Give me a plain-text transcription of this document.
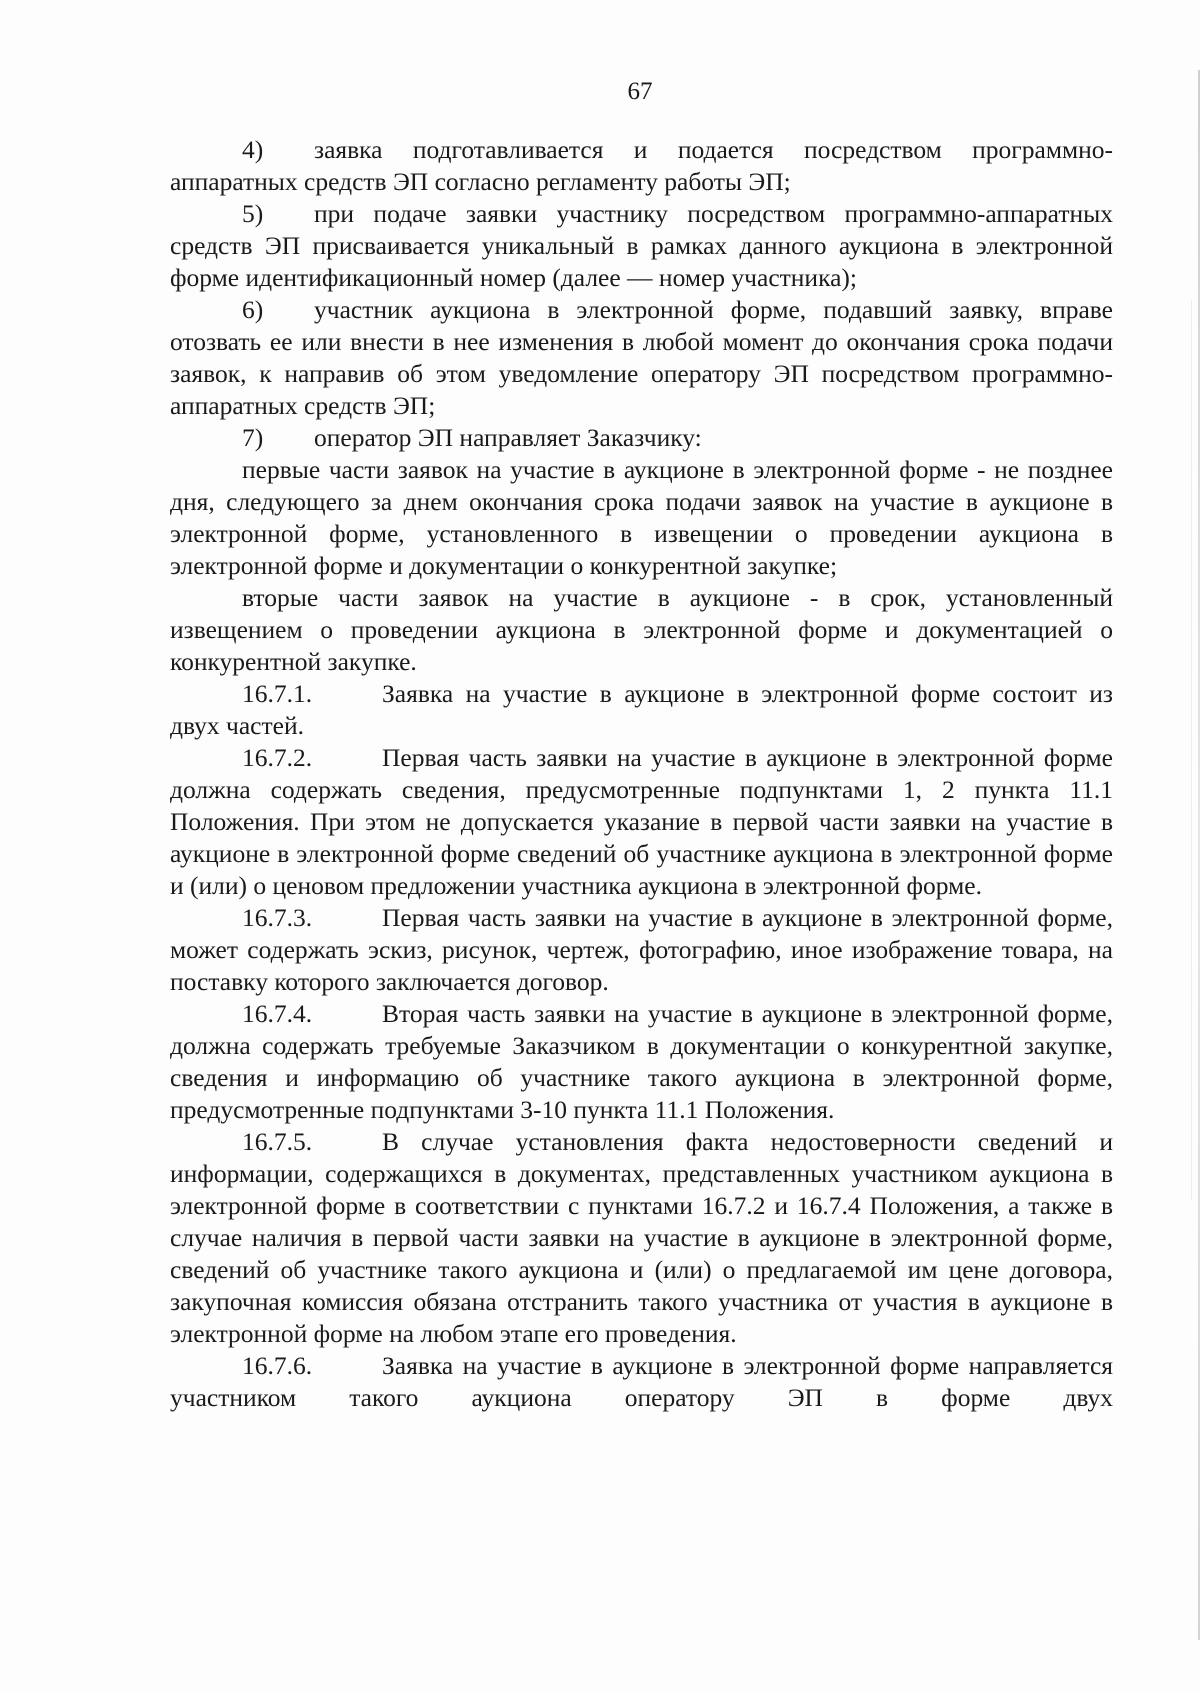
67

4) заявка подготавливается и подается посредством программно-аппаратных средств ЭП согласно регламенту работы ЭП;

5) при подаче заявки участнику посредством программно-аппаратных средств ЭП присваивается уникальный в рамках данного аукциона в электронной форме идентификационный номер (далее — номер участника);

6) участник аукциона в электронной форме, подавший заявку, вправе отозвать ее или внести в нее изменения в любой момент до окончания срока подачи заявок, к направив об этом уведомление оператору ЭП посредством программно-аппаратных средств ЭП;

7) оператор ЭП направляет Заказчику:

первые части заявок на участие в аукционе в электронной форме - не позднее дня, следующего за днем окончания срока подачи заявок на участие в аукционе в электронной форме, установленного в извещении о проведении аукциона в электронной форме и документации о конкурентной закупке;

вторые части заявок на участие в аукционе - в срок, установленный извещением о проведении аукциона в электронной форме и документацией о конкурентной закупке.

16.7.1.	Заявка на участие в аукционе в электронной форме состоит из двух частей.

16.7.2.	Первая часть заявки на участие в аукционе в электронной форме должна содержать сведения, предусмотренные подпунктами 1, 2 пункта 11.1 Положения. При этом не допускается указание в первой части заявки на участие в аукционе в электронной форме сведений об участнике аукциона в электронной форме и (или) о ценовом предложении участника аукциона в электронной форме.

16.7.3.	Первая часть заявки на участие в аукционе в электронной форме, может содержать эскиз, рисунок, чертеж, фотографию, иное изображение товара, на поставку которого заключается договор.

16.7.4.	Вторая часть заявки на участие в аукционе в электронной форме, должна содержать требуемые Заказчиком в документации о конкурентной закупке, сведения и информацию об участнике такого аукциона в электронной форме, предусмотренные подпунктами 3-10 пункта 11.1 Положения.

16.7.5.	В случае установления факта недостоверности сведений и информации, содержащихся в документах, представленных участником аукциона в электронной форме в соответствии с пунктами 16.7.2 и 16.7.4 Положения, а также в случае наличия в первой части заявки на участие в аукционе в электронной форме, сведений об участнике такого аукциона и (или) о предлагаемой им цене договора, закупочная комиссия обязана отстранить такого участника от участия в аукционе в электронной форме на любом этапе его проведения.

16.7.6.	Заявка на участие в аукционе в электронной форме направляется участником такого аукциона оператору ЭП в форме двух
